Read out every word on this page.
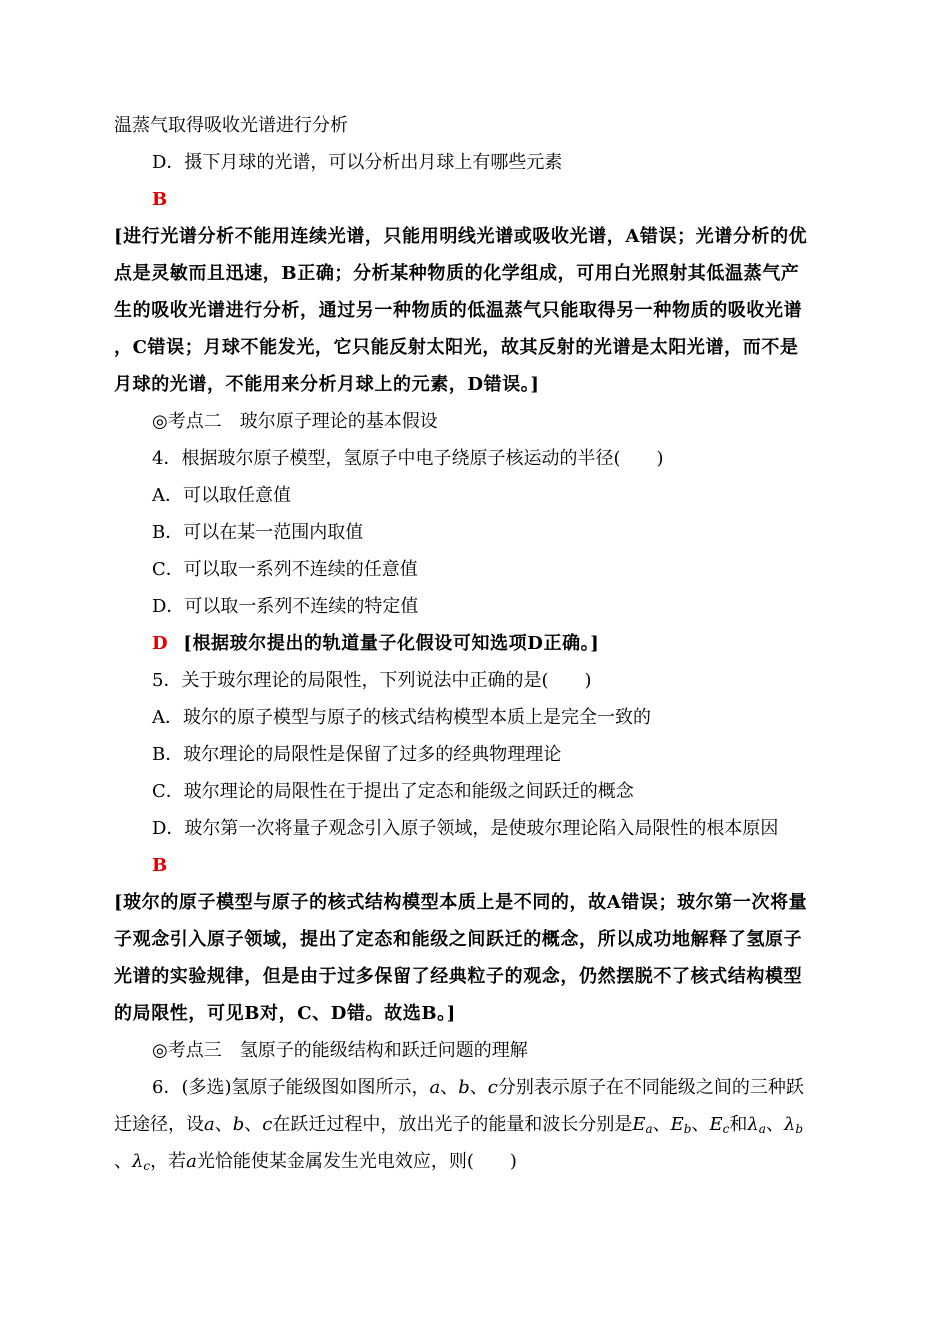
温蒸气取得吸收光谱进行分析
D．摄下月球的光谱，可以分析出月球上有哪些元素
B
[进行光谱分析不能用连续光谱，只能用明线光谱或吸收光谱，A错误；光谱分析的优
点是灵敏而且迅速，B正确；分析某种物质的化学组成，可用白光照射其低温蒸气产
生的吸收光谱进行分析，通过另一种物质的低温蒸气只能取得另一种物质的吸收光谱
，C错误；月球不能发光，它只能反射太阳光，故其反射的光谱是太阳光谱，而不是
月球的光谱，不能用来分析月球上的元素，D错误。]
◎考点二　玻尔原子理论的基本假设
4．根据玻尔原子模型，氢原子中电子绕原子核运动的半径(　　)
A．可以取任意值
B．可以在某一范围内取值
C．可以取一系列不连续的任意值
D．可以取一系列不连续的特定值
D [根据玻尔提出的轨道量子化假设可知选项D正确。]
5．关于玻尔理论的局限性，下列说法中正确的是(　　)
A．玻尔的原子模型与原子的核式结构模型本质上是完全一致的
B．玻尔理论的局限性是保留了过多的经典物理理论
C．玻尔理论的局限性在于提出了定态和能级之间跃迁的概念
D．玻尔第一次将量子观念引入原子领域，是使玻尔理论陷入局限性的根本原因
B
[玻尔的原子模型与原子的核式结构模型本质上是不同的，故A错误；玻尔第一次将量
子观念引入原子领域，提出了定态和能级之间跃迁的概念，所以成功地解释了氢原子
光谱的实验规律，但是由于过多保留了经典粒子的观念，仍然摆脱不了核式结构模型
的局限性，可见B对，C、D错。故选B。]
◎考点三　氢原子的能级结构和跃迁问题的理解
6．(多选)氢原子能级图如图所示，a、b、c分别表示原子在不同能级之间的三种跃
迁途径，设a、b、c在跃迁过程中，放出光子的能量和波长分别是$E_a$、$E_b$、$E_c$和$\lambda_a$、$\lambda_b$
、$\lambda_c$，若a光恰能使某金属发生光电效应，则(　　)
